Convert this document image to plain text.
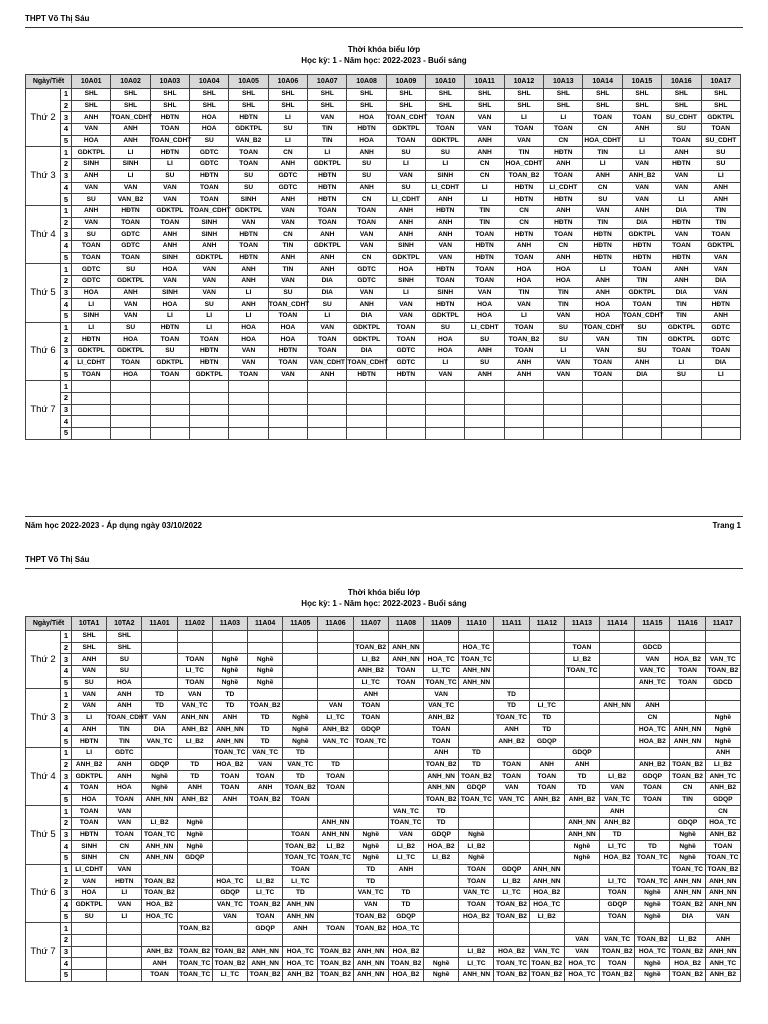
THPT Võ Thị Sáu
Thời khóa biểu lớp
Học kỳ: 1 - Năm học: 2022-2023 - Buổi sáng
Ngày/Tiết		10A01	10A02	10A03	10A04	10A05	10A06	10A07	10A08	10A09	10A10	10A11	10A12	10A13	10A14	10A15	10A16	10A17
Thứ 2	1	SHL	SHL	SHL	SHL	SHL	SHL	SHL	SHL	SHL	SHL	SHL	SHL	SHL	SHL	SHL	SHL	SHL
	2	SHL	SHL	SHL	SHL	SHL	SHL	SHL	SHL	SHL	SHL	SHL	SHL	SHL	SHL	SHL	SHL	SHL
	3	ANH	TOAN_CDHT	HĐTN	HOA	HĐTN	LI	VAN	HOA	TOAN_CDHT	TOAN	VAN	LI	LI	TOAN	TOAN	SU_CDHT	GDKTPL
	4	VAN	ANH	TOAN	HOA	GDKTPL	SU	TIN	HĐTN	GDKTPL	TOAN	VAN	TOAN	TOAN	CN	ANH	SU	TOAN
	5	HOA	ANH	TOAN_CDHT	SU	VAN_B2	LI	TIN	HOA	TOAN	GDKTPL	ANH	VAN	CN	HOA_CDHT	LI	TOAN	SU_CDHT
Thứ 3	1	GDKTPL	LI	HĐTN	GDTC	TOAN	CN	LI	ANH	SU	SU	ANH	TIN	HĐTN	TIN	LI	ANH	SU
	2	SINH	SINH	LI	GDTC	TOAN	ANH	GDKTPL	SU	LI	LI	CN	HOA_CDHT	ANH	LI	VAN	HĐTN	SU
	3	ANH	LI	SU	HĐTN	SU	GDTC	HĐTN	SU	VAN	SINH	CN	TOAN_B2	TOAN	ANH	ANH_B2	VAN	LI
	4	VAN	VAN	VAN	TOAN	SU	GDTC	HĐTN	ANH	SU	LI_CDHT	LI	HĐTN	LI_CDHT	CN	VAN	VAN	ANH
	5	SU	VAN_B2	VAN	TOAN	SINH	ANH	HĐTN	CN	LI_CDHT	ANH	LI	HĐTN	HĐTN	SU	VAN	LI	ANH
Thứ 4	1	ANH	HĐTN	GDKTPL	TOAN_CDHT	GDKTPL	VAN	TOAN	TOAN	ANH	HĐTN	TIN	CN	ANH	VAN	ANH	DIA	TIN
	2	VAN	TOAN	TOAN	SINH	VAN	VAN	TOAN	TOAN	ANH	ANH	TIN	CN	HĐTN	TIN	DIA	HĐTN	TIN
	3	SU	GDTC	ANH	SINH	HĐTN	CN	ANH	VAN	ANH	ANH	TOAN	HĐTN	TOAN	HĐTN	GDKTPL	VAN	TOAN
	4	TOAN	GDTC	ANH	ANH	TOAN	TIN	GDKTPL	VAN	SINH	VAN	HĐTN	ANH	CN	HĐTN	HĐTN	TOAN	GDKTPL
	5	TOAN	TOAN	SINH	GDKTPL	HĐTN	ANH	ANH	CN	GDKTPL	VAN	HĐTN	TOAN	ANH	HĐTN	HĐTN	HĐTN	VAN
Thứ 5	1	GDTC	SU	HOA	VAN	ANH	TIN	ANH	GDTC	HOA	HĐTN	TOAN	HOA	HOA	LI	TOAN	ANH	VAN
	2	GDTC	GDKTPL	VAN	VAN	ANH	VAN	DIA	GDTC	SINH	TOAN	TOAN	HOA	HOA	ANH	TIN	ANH	DIA
	3	HOA	ANH	SINH	VAN	LI	SU	DIA	VAN	LI	SINH	VAN	TIN	TIN	ANH	GDKTPL	DIA	VAN
	4	LI	VAN	HOA	SU	ANH	TOAN_CDHT	SU	ANH	VAN	HĐTN	HOA	VAN	TIN	HOA	TOAN	TIN	HĐTN
	5	SINH	VAN	LI	LI	LI	TOAN	LI	DIA	VAN	GDKTPL	HOA	LI	VAN	HOA	TOAN_CDHT	TIN	ANH
Thứ 6	1	LI	SU	HĐTN	LI	HOA	HOA	VAN	GDKTPL	TOAN	SU	LI_CDHT	TOAN	SU	TOAN_CDHT	SU	GDKTPL	GDTC
	2	HĐTN	HOA	TOAN	TOAN	HOA	HOA	TOAN	GDKTPL	TOAN	HOA	SU	TOAN_B2	SU	VAN	TIN	GDKTPL	GDTC
	3	GDKTPL	GDKTPL	SU	HĐTN	VAN	HĐTN	TOAN	DIA	GDTC	HOA	ANH	TOAN	LI	VAN	SU	TOAN	TOAN
	4	LI_CDHT	TOAN	GDKTPL	HĐTN	VAN	TOAN	VAN_CDHT	TOAN_CDHT	GDTC	LI	SU	ANH	VAN	TOAN	ANH	LI	DIA
	5	TOAN	HOA	TOAN	GDKTPL	TOAN	VAN	ANH	HĐTN	HĐTN	VAN	ANH	ANH	VAN	TOAN	DIA	SU	LI
Thứ 7	1																	
	2																	
	3																	
	4																	
	5																	
Năm học 2022-2023 - Áp dụng ngày 03/10/2022	Trang 1
THPT Võ Thị Sáu
Thời khóa biểu lớp
Học kỳ: 1 - Năm học: 2022-2023 - Buổi sáng
Ngày/Tiết		10TA1	10TA2	11A01	11A02	11A03	11A04	11A05	11A06	11A07	11A08	11A09	11A10	11A11	11A12	11A13	11A14	11A15	11A16	11A17
Thứ 2	1	SHL	SHL																	
	2	SHL	SHL							TOAN_B2	ANH_NN		HOA_TC			TOAN		GDCD		
	3	ANH	SU		TOAN	Nghề	Nghề			LI_B2	ANH_NN	HOA_TC	TOAN_TC			LI_B2		VAN	HOA_B2	VAN_TC
	4	VAN	SU		LI_TC	Nghề	Nghề			ANH_B2	TOAN	LI_TC	ANH_NN			TOAN_TC		VAN_TC	TOAN	TOAN_B2
	5	SU	HOA		TOAN	Nghề	Nghề			LI_TC	TOAN	TOAN_TC	ANH_NN					ANH_TC	TOAN	GDCD
Thứ 3	1	VAN	ANH	TD	VAN	TD				ANH		VAN		TD						
	2	VAN	ANH	TD	VAN_TC	TD	TOAN_B2		VAN	TOAN		VAN_TC		TD	LI_TC		ANH_NN	ANH		
	3	LI	TOAN_CDHT	VAN	ANH_NN	ANH	TD	Nghề	LI_TC	TOAN		ANH_B2		TOAN_TC	TD			CN		Nghề
	4	ANH	TIN	DIA	ANH_B2	ANH_NN	TD	Nghề	ANH_B2	GDQP		TOAN		ANH	TD			HOA_TC	ANH_NN	Nghề
	5	HĐTN	TIN	VAN_TC	LI_B2	ANH_NN	TD	Nghề	VAN_TC	TOAN_TC		TOAN		ANH_B2	GDQP			HOA_B2	ANH_NN	Nghề
Thứ 4	1	LI	GDTC			TOAN_TC	VAN_TC	TD				ANH	TD			GDQP				ANH
	2	ANH_B2	ANH	GDQP	TD	HOA_B2	VAN	VAN_TC	TD			TOAN_B2	TD	TOAN	ANH	ANH		ANH_B2	TOAN_B2	LI_B2
	3	GDKTPL	ANH	Nghề	TD	TOAN	TOAN	TD	TOAN			ANH_NN	TOAN_B2	TOAN	TOAN	TD	LI_B2	GDQP	TOAN_B2	ANH_TC
	4	TOAN	HOA	Nghề	ANH	TOAN	ANH	TOAN_B2	TOAN			ANH_NN	GDQP	VAN	TOAN	TD	VAN	TOAN	CN	ANH_B2
	5	HOA	TOAN	ANH_NN	ANH_B2	ANH	TOAN_B2	TOAN				TOAN_B2	TOAN_TC	VAN_TC	ANH_B2	ANH_B2	VAN_TC	TOAN	TIN	GDQP
Thứ 5	1	TOAN	VAN								VAN_TC	TD					ANH			CN
	2	TOAN	VAN	LI_B2	Nghề				ANH_NN		TOAN_TC	TD				ANH_NN	ANH_B2		GDQP	HOA_TC
	3	HĐTN	TOAN	TOAN_TC	Nghề			TOAN	ANH_NN	Nghề	VAN	GDQP	Nghề			ANH_NN	TD		Nghề	ANH_B2
	4	SINH	CN	ANH_NN	Nghề			TOAN_B2	LI_B2	Nghề	LI_B2	HOA_B2	LI_B2			Nghề	LI_TC	TD	Nghề	TOAN
	5	SINH	CN	ANH_NN	GDQP			TOAN_TC	TOAN_TC	Nghề	LI_TC	LI_B2	Nghề			Nghề	HOA_B2	TOAN_TC	Nghề	TOAN_TC
Thứ 6	1	LI_CDHT	VAN					TOAN		TD	ANH		TOAN	GDQP	ANH_NN				TOAN_TC	TOAN_B2
	2	VAN	HĐTN	TOAN_B2		HOA_TC	LI_B2	LI_TC		TD			TOAN	LI_B2	ANH_NN		LI_TC	TOAN_TC	ANH_NN	ANH_NN
	3	HOA	LI	TOAN_B2		GDQP	LI_TC	TD		VAN_TC	TD		VAN_TC	LI_TC	HOA_B2		TOAN	Nghề	ANH_NN	ANH_NN
	4	GDKTPL	VAN	HOA_B2		VAN_TC	TOAN_B2	ANH_NN		VAN	TD		TOAN	TOAN_B2	HOA_TC		GDQP	Nghề	TOAN_B2	ANH_NN
	5	SU	LI	HOA_TC		VAN	TOAN	ANH_NN		TOAN_B2	GDQP		HOA_B2	TOAN_B2	LI_B2		TOAN	Nghề	DIA	VAN
Thứ 7	1				TOAN_B2		GDQP	ANH	TOAN	TOAN_B2	HOA_TC									
	2															VAN	VAN_TC	TOAN_B2	LI_B2	ANH
	3			ANH_B2	TOAN_B2	TOAN_B2	ANH_NN	HOA_TC	TOAN_B2	ANH_NN	HOA_B2		LI_B2	HOA_B2	VAN_TC	VAN	TOAN_B2	HOA_TC	TOAN_B2	ANH_NN
	4			ANH	TOAN_TC	TOAN_B2	ANH_NN	HOA_TC	TOAN_B2	ANH_NN	TOAN_B2	Nghề	LI_TC	TOAN_TC	TOAN_B2	HOA_TC	TOAN	Nghề	HOA_B2	ANH_TC
	5			TOAN	TOAN_TC	LI_TC	TOAN_B2	ANH_B2	TOAN_B2	ANH_NN	HOA_B2	Nghề	ANH_NN	TOAN_B2	TOAN_B2	HOA_TC	TOAN_B2	Nghề	TOAN_B2	ANH_B2
